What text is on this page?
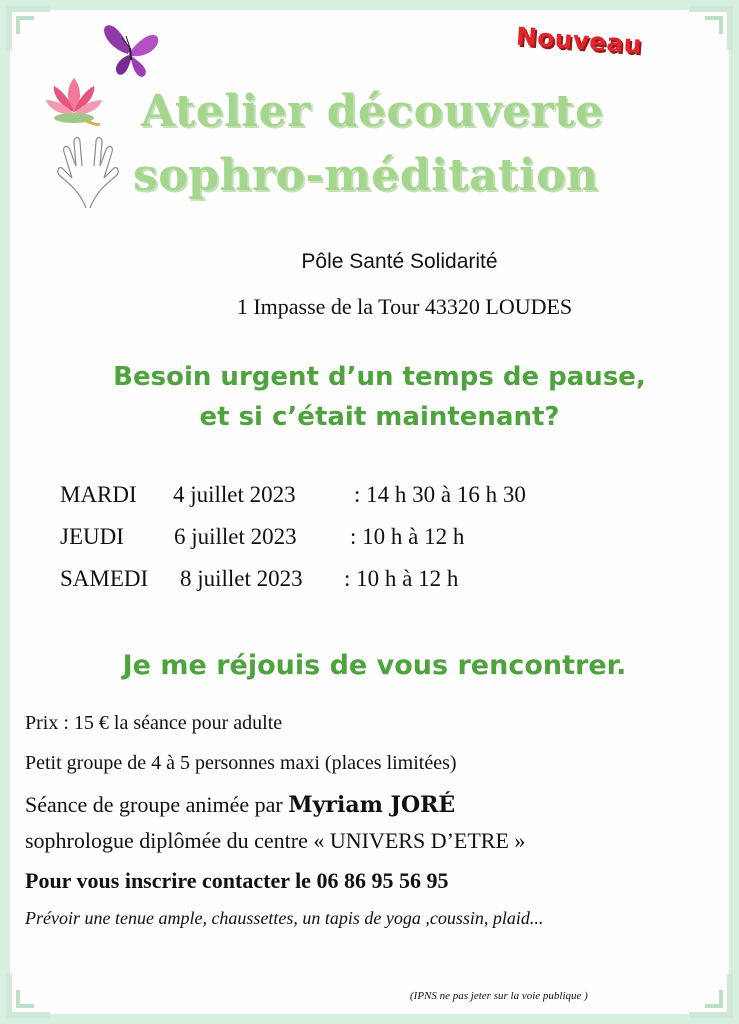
Nouveau
Atelier découverte
sophro-méditation
Pôle Santé Solidarité
1 Impasse de la Tour 43320 LOUDES
Besoin urgent d’un temps de pause,
et si c’était maintenant?
MARDI 4 juillet 2023	: 14 h 30 à 16 h 30
JEUDI 6 juillet 2023 : 10 h à 12 h
SAMEDI 8 juillet 2023 : 10 h à 12 h
Je me réjouis de vous rencontrer.
Prix : 15 € la séance pour adulte
Petit groupe de 4 à 5 personnes maxi (places limitées)
Séance de groupe animée par Myriam JORÉ
sophrologue diplômée du centre « UNIVERS D’ETRE »
Pour vous inscrire contacter le 06 86 95 56 95
Prévoir une tenue ample, chaussettes, un tapis de yoga ,coussin, plaid...
(IPNS ne pas jeter sur la voie publique )
